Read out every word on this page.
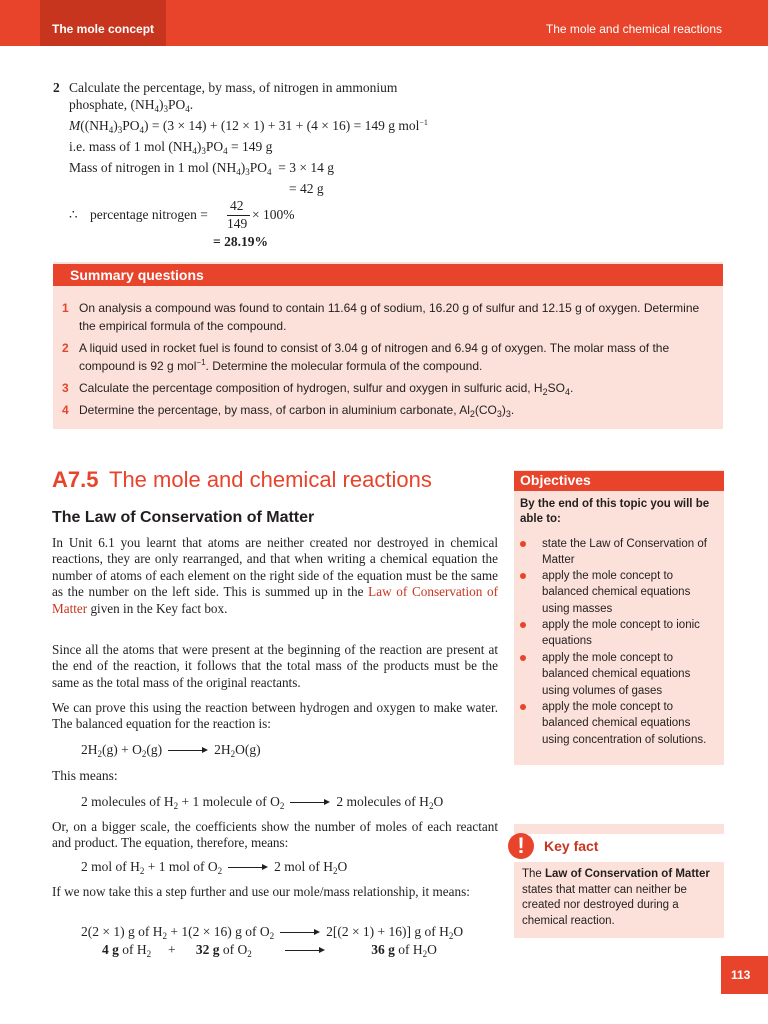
The mole concept	The mole and chemical reactions
2 Calculate the percentage, by mass, of nitrogen in ammonium
phosphate, $(NH_4)_3PO_4$.
$M((NH_4)_3PO_4) = (3 \times 14) + (12 \times 1) + 31 + (4 \times 16) = 149$ g mol$^{-1}$
i.e. mass of 1 mol $(NH_4)_3PO_4 = 149$ g
Mass of nitrogen in 1 mol $(NH_4)_3PO_4 = 3 \times 14$ g
= 42 g
∴ percentage nitrogen =
42
149
× 100%
= 28.19%
Summary questions
1 On analysis a compound was found to contain 11.64 g of sodium, 16.20 g of sulfur and 12.15 g of oxygen. Determine the empirical formula of the compound.
2 A liquid used in rocket fuel is found to consist of 3.04 g of nitrogen and 6.94 g of oxygen. The molar mass of the compound is 92 g mol$^{-1}$. Determine the molecular formula of the compound.
3 Calculate the percentage composition of hydrogen, sulfur and oxygen in sulfuric acid, $H_2SO_4$.
4 Determine the percentage, by mass, of carbon in aluminium carbonate, $Al_2(CO_3)_3$.
A7.5 The mole and chemical reactions
The Law of Conservation of Matter
In Unit 6.1 you learnt that atoms are neither created nor destroyed in chemical reactions, they are only rearranged, and that when writing a chemical equation the number of atoms of each element on the right side of the equation must be the same as the number on the left side. This is summed up in the Law of Conservation of Matter given in the Key fact box.
Since all the atoms that were present at the beginning of the reaction are present at the end of the reaction, it follows that the total mass of the products must be the same as the total mass of the original reactants.
We can prove this using the reaction between hydrogen and oxygen to make water. The balanced equation for the reaction is:
$2H_2(g) + O_2(g)$	$2H_2O(g)$
This means:
2 molecules of $H_2 + 1$ molecule of $O_2$	2 molecules of $H_2O$
Or, on a bigger scale, the coefficients show the number of moles of each reactant and product. The equation, therefore, means:
2 mol of $H_2 + 1$ mol of $O_2$	2 mol of $H_2O$
If we now take this a step further and use our mole/mass relationship, it means:
2(2 × 1) g of $H_2 + 1(2 \times 16)$ g of $O_2$	2[(2 × 1) + 16)] g of $H_2O$
4 g of $H_2$     +      32 g of $O_2$	36 g of $H_2O$
Objectives
By the end of this topic you will be able to:
state the Law of Conservation of Matter
apply the mole concept to balanced chemical equations using masses
apply the mole concept to ionic equations
apply the mole concept to balanced chemical equations using volumes of gases
apply the mole concept to balanced chemical equations using concentration of solutions.
!	Key fact
The Law of Conservation of Matter states that matter can neither be created nor destroyed during a chemical reaction.
113
